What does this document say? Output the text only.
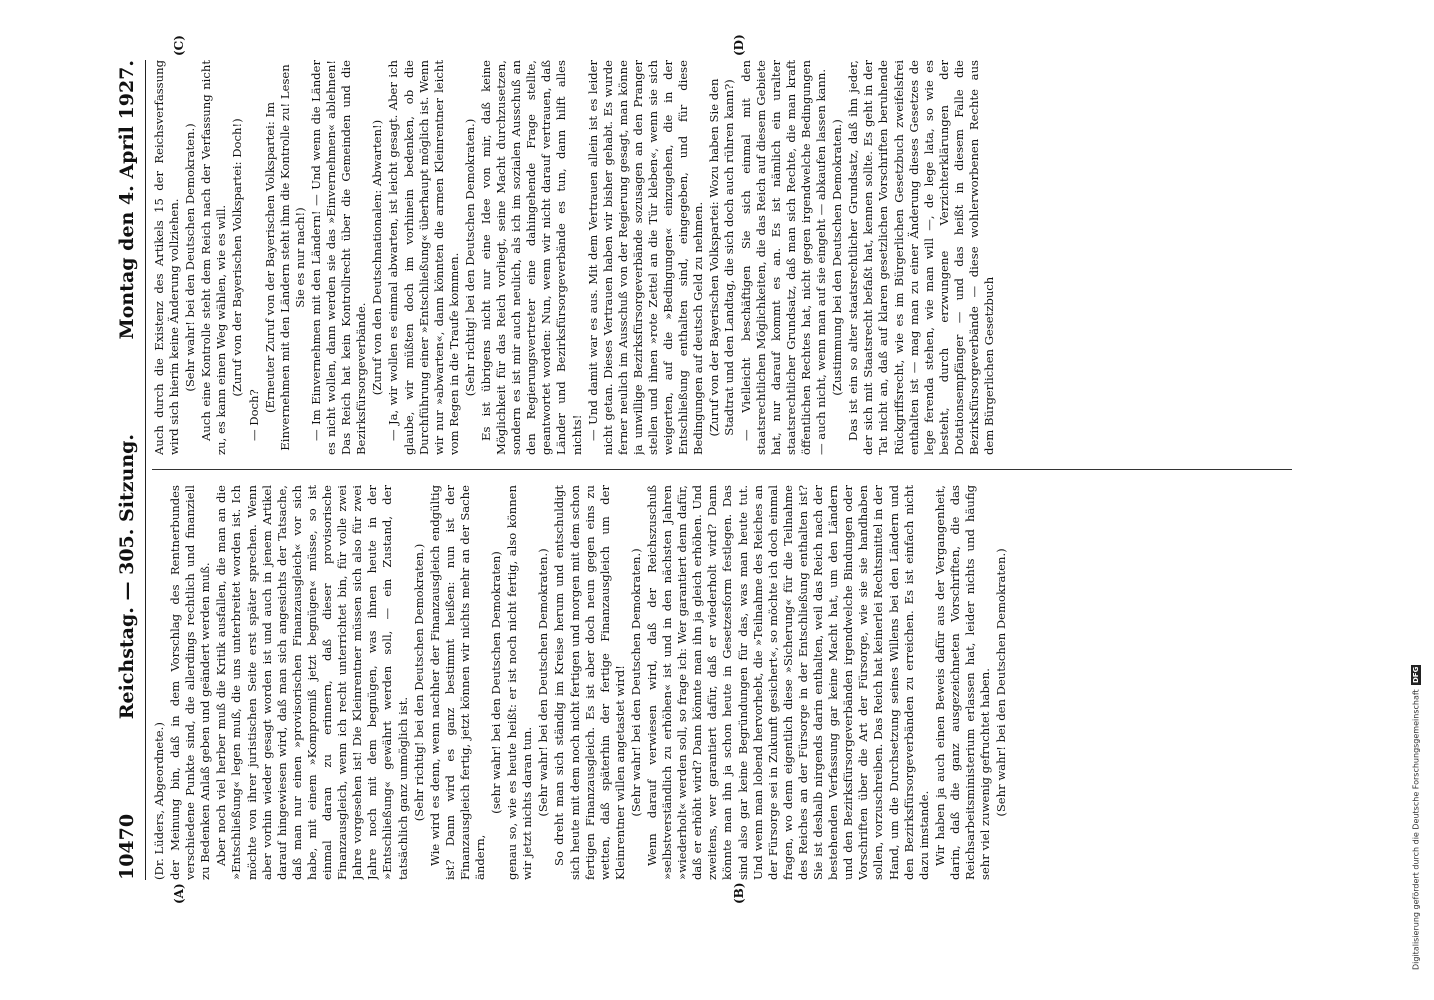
10470
Reichstag. — 305. Sitzung.
Montag den 4. April 1927.

(Dr. Lüders, Abgeordnete.) der Meinung bin, daß in dem Vorschlag des Rentnerbundes verschiedene Punkte sind, die allerdings rechtlich und finanziell zu Bedenken Anlaß geben und geändert werden muß. Aber noch viel herber muß die Kritik ausfallen, die man an die »Entschließung« legen muß, die uns unterbreitet worden ist. Ich möchte von ihrer juristischen Seite erst später sprechen. Wenn aber vorhin wieder gesagt worden ist und auch in jenem Artikel darauf hingewiesen wird, daß man sich angesichts der Tatsache, daß man nur einen »provisorischen Finanzausgleich« vor sich habe, mit einem »Kompromiß jetzt begnügen« müsse, so ist einmal daran zu erinnern, daß dieser provisorische Finanzausgleich, wenn ich recht unterrichtet bin, für volle zwei Jahre vorgesehen ist! Die Kleinrentner müssen sich also für zwei Jahre noch mit dem begnügen, was ihnen heute in der »Entschließung« gewährt werden soll, — ein Zustand, der tatsächlich ganz unmöglich ist. (Sehr richtig! bei den Deutschen Demokraten.) Wie wird es denn, wenn nachher der Finanzausgleich endgültig ist? Dann wird es ganz bestimmt heißen: nun ist der Finanzausgleich fertig, jetzt können wir nichts mehr an der Sache ändern,

(sehr wahr! bei den Deutschen Demokraten) genau so, wie es heute heißt: er ist noch nicht fertig, also können wir jetzt nichts daran tun. (Sehr wahr! bei den Deutschen Demokraten.) So dreht man sich ständig im Kreise herum und entschuldigt sich heute mit dem noch nicht fertigen und morgen mit dem schon fertigen Finanzausgleich. Es ist aber doch neun gegen eins zu wetten, daß späterhin der fertige Finanzausgleich um der Kleinrentner willen angetastet wird! (Sehr wahr! bei den Deutschen Demokraten.) Wenn darauf verwiesen wird, daß der Reichszuschuß »selbstverständlich zu erhöhen« ist und in den nächsten Jahren »wiederholt« werden soll, so frage ich: Wer garantiert denn dafür, daß er erhöht wird? Dann könnte man ihn ja gleich erhöhen. Und zweitens, wer garantiert dafür, daß er wiederholt wird? Dann könnte man ihn ja schon heute in Gesetzesform festlegen. Das sind also gar keine Begründungen für das, was man heute tut. Und wenn man lobend hervorhebt, die »Teilnahme des Reiches an der Fürsorge sei in Zukunft gesichert«, so möchte ich doch einmal fragen, wo denn eigentlich diese »Sicherung« für die Teilnahme des Reiches an der Fürsorge in der Entschließung enthalten ist? Sie ist deshalb nirgends darin enthalten, weil das Reich nach der bestehenden Verfassung gar keine Macht hat, um den Ländern und den Bezirksfürsorgeverbänden irgendwelche Bindungen oder Vorschriften über die Art der Fürsorge, wie sie sie handhaben sollen, vorzuschreiben. Das Reich hat keinerlei Rechtsmittel in der Hand, um die Durchsetzung seines Willens bei den Ländern und den Bezirksfürsorgeverbänden zu erreichen. Es ist einfach nicht dazu imstande. Wir haben ja auch einen Beweis dafür aus der Vergangenheit, darin, daß die ganz ausgezeichneten Vorschriften, die das Reichsarbeitsministerium erlassen hat, leider nichts und häufig sehr viel zuwenig gefruchtet haben. (Sehr wahr! bei den Deutschen Demokraten.)

Auch durch die Existenz des Artikels 15 der Reichsverfassung wird sich hierin keine Änderung vollziehen. (Sehr wahr! bei den Deutschen Demokraten.) Auch eine Kontrolle steht dem Reich nach der Verfassung nicht zu, es kann einen Weg wählen, wie es will. (Zuruf von der Bayerischen Volkspartei: Doch!)

— Doch?

(Erneuter Zuruf von der Bayerischen Volkspartei: Im Einvernehmen mit den Ländern steht ihm die Kontrolle zu! Lesen Sie es nur nach!) — Im Einvernehmen mit den Ländern! — Und wenn die Länder es nicht wollen, dann werden sie das »Einvernehmen« ablehnen! Das Reich hat kein Kontrollrecht über die Gemeinden und die Bezirksfürsorgeverbände. (Zuruf von den Deutschnationalen: Abwarten!) — Ja, wir wollen es einmal abwarten, ist leicht gesagt. Aber ich glaube, wir müßten doch im vorhinein bedenken, ob die Durchführung einer »Entschließung« überhaupt möglich ist. Wenn wir nur »abwarten«, dann könnten die armen Kleinrentner leicht vom Regen in die Traufe kommen. (Sehr richtig! bei den Deutschen Demokraten.) Es ist übrigens nicht nur eine Idee von mir, daß keine Möglichkeit für das Reich vorliegt, seine Macht durchzusetzen, sondern es ist mir auch neulich, als ich im sozialen Ausschuß an den Regierungsvertreter eine dahingehende Frage stellte, geantwortet worden: Nun, wenn wir nicht darauf vertrauen, daß Länder und Bezirksfürsorgeverbände es tun, dann hilft alles nichts! — Und damit war es aus. Mit dem Vertrauen allein ist es leider nicht getan. Dieses Vertrauen haben wir bisher gehabt. Es wurde ferner neulich im Ausschuß von der Regierung gesagt, man könne ja unwillige Bezirksfürsorgeverbände sozusagen an den Pranger stellen und ihnen »rote Zettel an die Tür kleben«, wenn sie sich weigerten, auf die »Bedingungen« einzugehen, die in der Entschließung enthalten sind, eingegeben, und für diese Bedingungen auf deutsch Geld zu nehmen. (Zuruf von der Bayerischen Volkspartei: Wozu haben Sie den Stadtrat und den Landtag, die sich doch auch rühren kann?) — Vielleicht beschäftigen Sie sich einmal mit den staatsrechtlichen Möglichkeiten, die das Reich auf diesem Gebiete hat, nur darauf kommt es an. Es ist nämlich ein uralter staatsrechtlicher Grundsatz, daß man sich Rechte, die man kraft öffentlichen Rechtes hat, nicht gegen irgendwelche Bedingungen — auch nicht, wenn man auf sie eingeht — abkaufen lassen kann. (Zustimmung bei den Deutschen Demokraten.) Das ist ein so alter staatsrechtlicher Grundsatz, daß ihn jeder, der sich mit Staatsrecht befaßt hat, kennen sollte. Es geht in der Tat nicht an, daß auf klaren gesetzlichen Vorschriften beruhende Rückgriffsrecht, wie es im Bürgerlichen Gesetzbuch zweifelsfrei enthalten ist — mag man zu einer Änderung dieses Gesetzes de lege ferenda stehen, wie man will —, de lege lata, so wie es besteht, durch erzwungene Verzichterklärungen der Dotationsempfänger — und das heißt in diesem Falle die Bezirksfürsorgeverbände — diese wohlerworbenen Rechte aus dem Bürgerlichen Gesetzbuch

(A)	(B)
(C)	(D)
Digitalisierung gefördert durch die Deutsche Forschungsgemeinschaft
DFG
